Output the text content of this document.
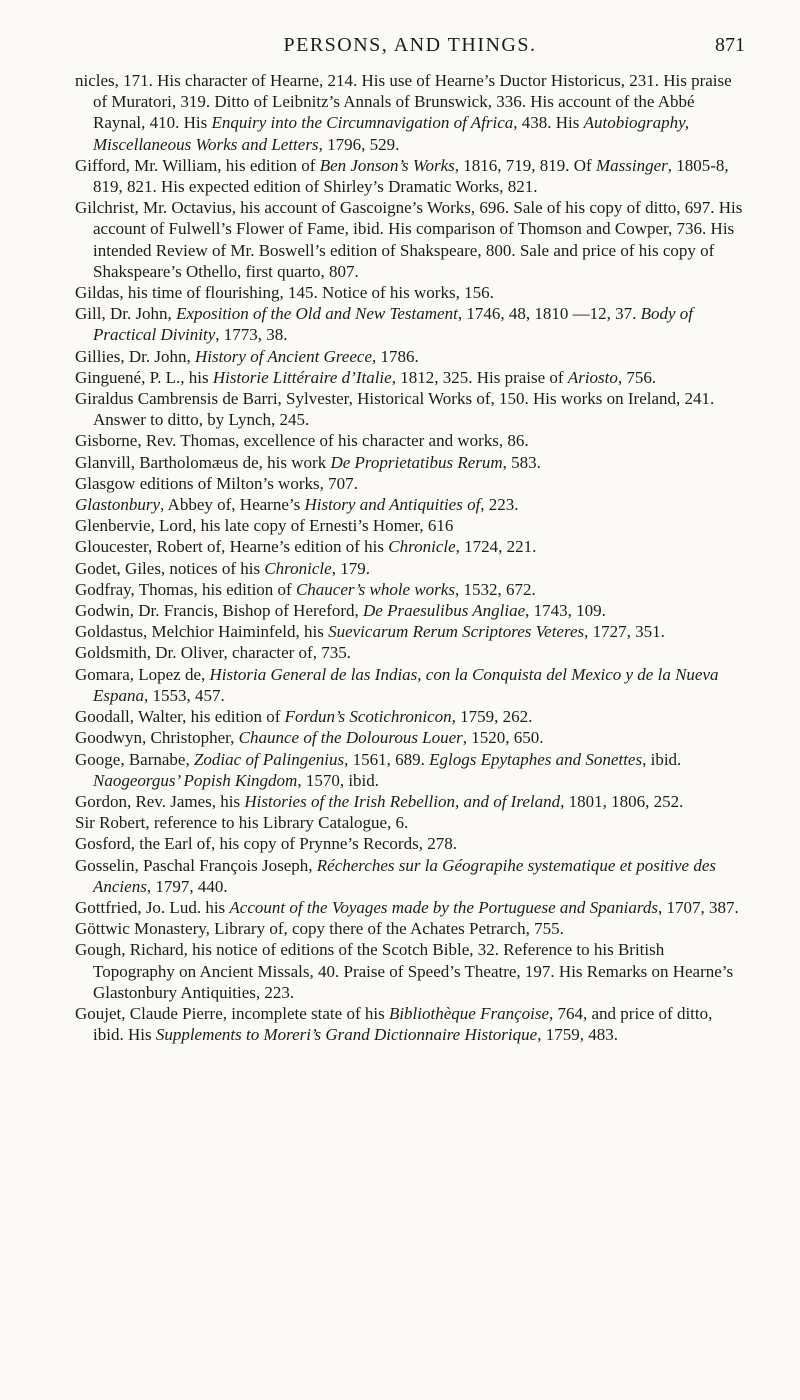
PERSONS, AND THINGS.	871

nicles, 171. His character of Hearne, 214. His use of Hearne’s Ductor Historicus, 231. His praise of Muratori, 319. Ditto of Leibnitz’s Annals of Brunswick, 336. His account of the Abbé Raynal, 410. His Enquiry into the Circumnavigation of Africa, 438. His Autobiography, Miscellaneous Works and Letters, 1796, 529.

Gifford, Mr. William, his edition of Ben Jonson’s Works, 1816, 719, 819. Of Massinger, 1805-8, 819, 821. His expected edition of Shirley’s Dramatic Works, 821.

Gilchrist, Mr. Octavius, his account of Gascoigne’s Works, 696. Sale of his copy of ditto, 697. His account of Fulwell’s Flower of Fame, ibid. His comparison of Thomson and Cowper, 736. His intended Review of Mr. Boswell’s edition of Shakspeare, 800. Sale and price of his copy of Shakspeare’s Othello, first quarto, 807.

Gildas, his time of flourishing, 145. Notice of his works, 156.

Gill, Dr. John, Exposition of the Old and New Testament, 1746, 48, 1810 —12, 37. Body of Practical Divinity, 1773, 38.

Gillies, Dr. John, History of Ancient Greece, 1786.

Ginguené, P. L., his Historie Littéraire d’Italie, 1812, 325. His praise of Ariosto, 756.

Giraldus Cambrensis de Barri, Sylvester, Historical Works of, 150. His works on Ireland, 241. Answer to ditto, by Lynch, 245.

Gisborne, Rev. Thomas, excellence of his character and works, 86.

Glanvill, Bartholomæus de, his work De Proprietatibus Rerum, 583.

Glasgow editions of Milton’s works, 707.

Glastonbury, Abbey of, Hearne’s History and Antiquities of, 223.

Glenbervie, Lord, his late copy of Ernesti’s Homer, 616

Gloucester, Robert of, Hearne’s edition of his Chronicle, 1724, 221.

Godet, Giles, notices of his Chronicle, 179.

Godfray, Thomas, his edition of Chaucer’s whole works, 1532, 672.

Godwin, Dr. Francis, Bishop of Hereford, De Praesulibus Angliae, 1743, 109.

Goldastus, Melchior Haiminfeld, his Suevicarum Rerum Scriptores Veteres, 1727, 351.

Goldsmith, Dr. Oliver, character of, 735.

Gomara, Lopez de, Historia General de las Indias, con la Conquista del Mexico y de la Nueva Espana, 1553, 457.

Goodall, Walter, his edition of Fordun’s Scotichronicon, 1759, 262.

Goodwyn, Christopher, Chaunce of the Dolourous Louer, 1520, 650.

Googe, Barnabe, Zodiac of Palingenius, 1561, 689. Eglogs Epytaphes and Sonettes, ibid. Naogeorgus’ Popish Kingdom, 1570, ibid.

Gordon, Rev. James, his Histories of the Irish Rebellion, and of Ireland, 1801, 1806, 252.

Sir Robert, reference to his Library Catalogue, 6.

Gosford, the Earl of, his copy of Prynne’s Records, 278.

Gosselin, Paschal François Joseph, Récherches sur la Géograpihe systematique et positive des Anciens, 1797, 440.

Gottfried, Jo. Lud. his Account of the Voyages made by the Portuguese and Spaniards, 1707, 387.

Göttwic Monastery, Library of, copy there of the Achates Petrarch, 755.

Gough, Richard, his notice of editions of the Scotch Bible, 32. Reference to his British Topography on Ancient Missals, 40. Praise of Speed’s Theatre, 197. His Remarks on Hearne’s Glastonbury Antiquities, 223.

Goujet, Claude Pierre, incomplete state of his Bibliothèque Françoise, 764, and price of ditto, ibid. His Supplements to Moreri’s Grand Dictionnaire Historique, 1759, 483.
